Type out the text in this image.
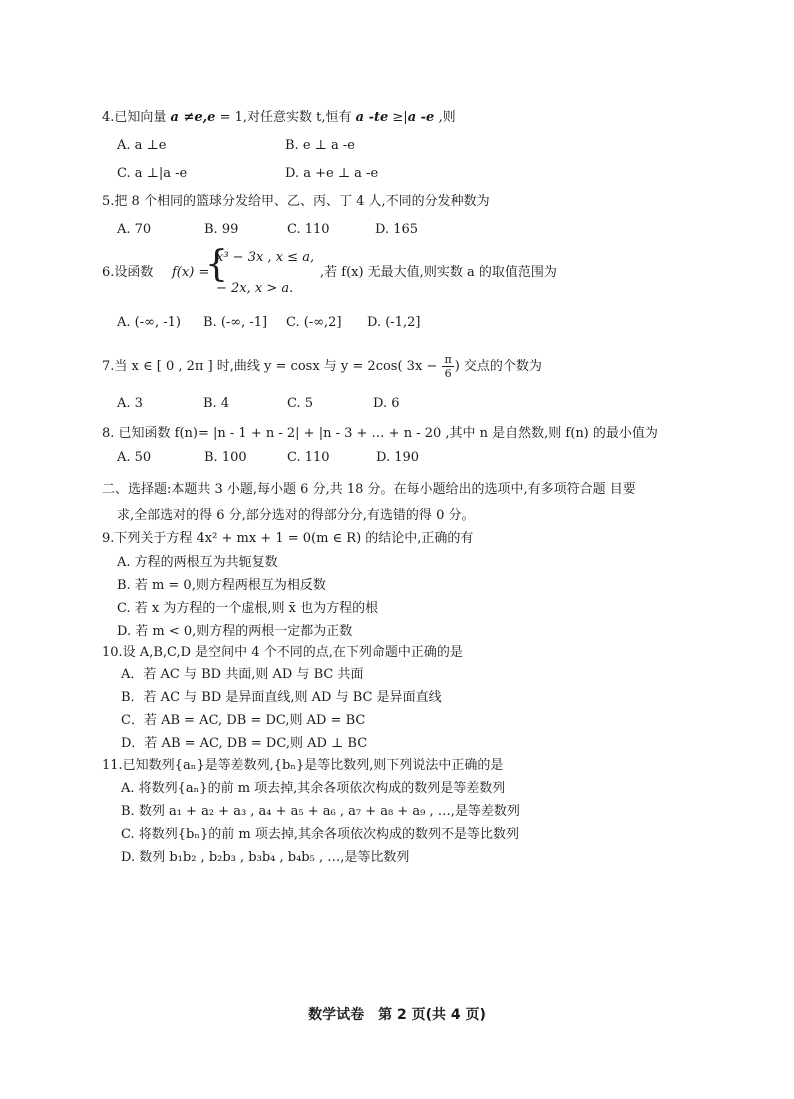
4.已知向量 a ≠e,e = 1,对任意实数 t,恒有 a -te ≥|a -e ,则
A. a ⊥e	B. e ⊥ a -e
C. a ⊥|a -e	D. a +e ⊥ a -e
5.把 8 个相同的篮球分发给甲、乙、丙、丁 4 人,不同的分发种数为
A. 70	B. 99	C. 110	D. 165
6.设函数 f(x) =
{
x³ − 3x , x ≤ a,
− 2x, x > a.
,若 f(x) 无最大值,则实数 a 的取值范围为
A. (-∞, -1) B. (-∞, -1] C. (-∞,2] D. (-1,2]
7.当 x ∈ [ 0 , 2π ] 时,曲线 y = cosx 与 y = 2cos( $3x - \frac{\pi}{6}$ ) 交点的个数为
A. 3	B. 4	C. 5	D. 6
8. 已知函数 f(n)= |n - 1 + n - 2| + |n - 3 + … + n - 20 ,其中 n 是自然数,则 f(n) 的最小值为
A. 50	B. 100	C. 110	D. 190
二、选择题:本题共 3 小题,每小题 6 分,共 18 分。在每小题给出的选项中,有多项符合题 目要
求,全部选对的得 6 分,部分选对的得部分分,有选错的得 0 分。
9.下列关于方程 4x² + mx + 1 = 0(m ∈ R) 的结论中,正确的有
A. 方程的两根互为共轭复数
B. 若 m = 0,则方程两根互为相反数
C. 若 x 为方程的一个虚根,则 x̄ 也为方程的根
D. 若 m < 0,则方程的两根一定都为正数
10.设 A,B,C,D 是空间中 4 个不同的点,在下列命题中正确的是
A．若 AC 与 BD 共面,则 AD 与 BC 共面
B．若 AC 与 BD 是异面直线,则 AD 与 BC 是异面直线
C．若 AB = AC, DB = DC,则 AD = BC
D．若 AB = AC, DB = DC,则 AD ⊥ BC
11.已知数列{aₙ}是等差数列,{bₙ}是等比数列,则下列说法中正确的是
A. 将数列{aₙ}的前 m 项去掉,其余各项依次构成的数列是等差数列
B. 数列 a₁ + a₂ + a₃ , a₄ + a₅ + a₆ , a₇ + a₈ + a₉ , …,是等差数列
C. 将数列{bₙ}的前 m 项去掉,其余各项依次构成的数列不是等比数列
D. 数列 b₁b₂ , b₂b₃ , b₃b₄ , b₄b₅ , …,是等比数列
数学试卷　第 2 页(共 4 页)
